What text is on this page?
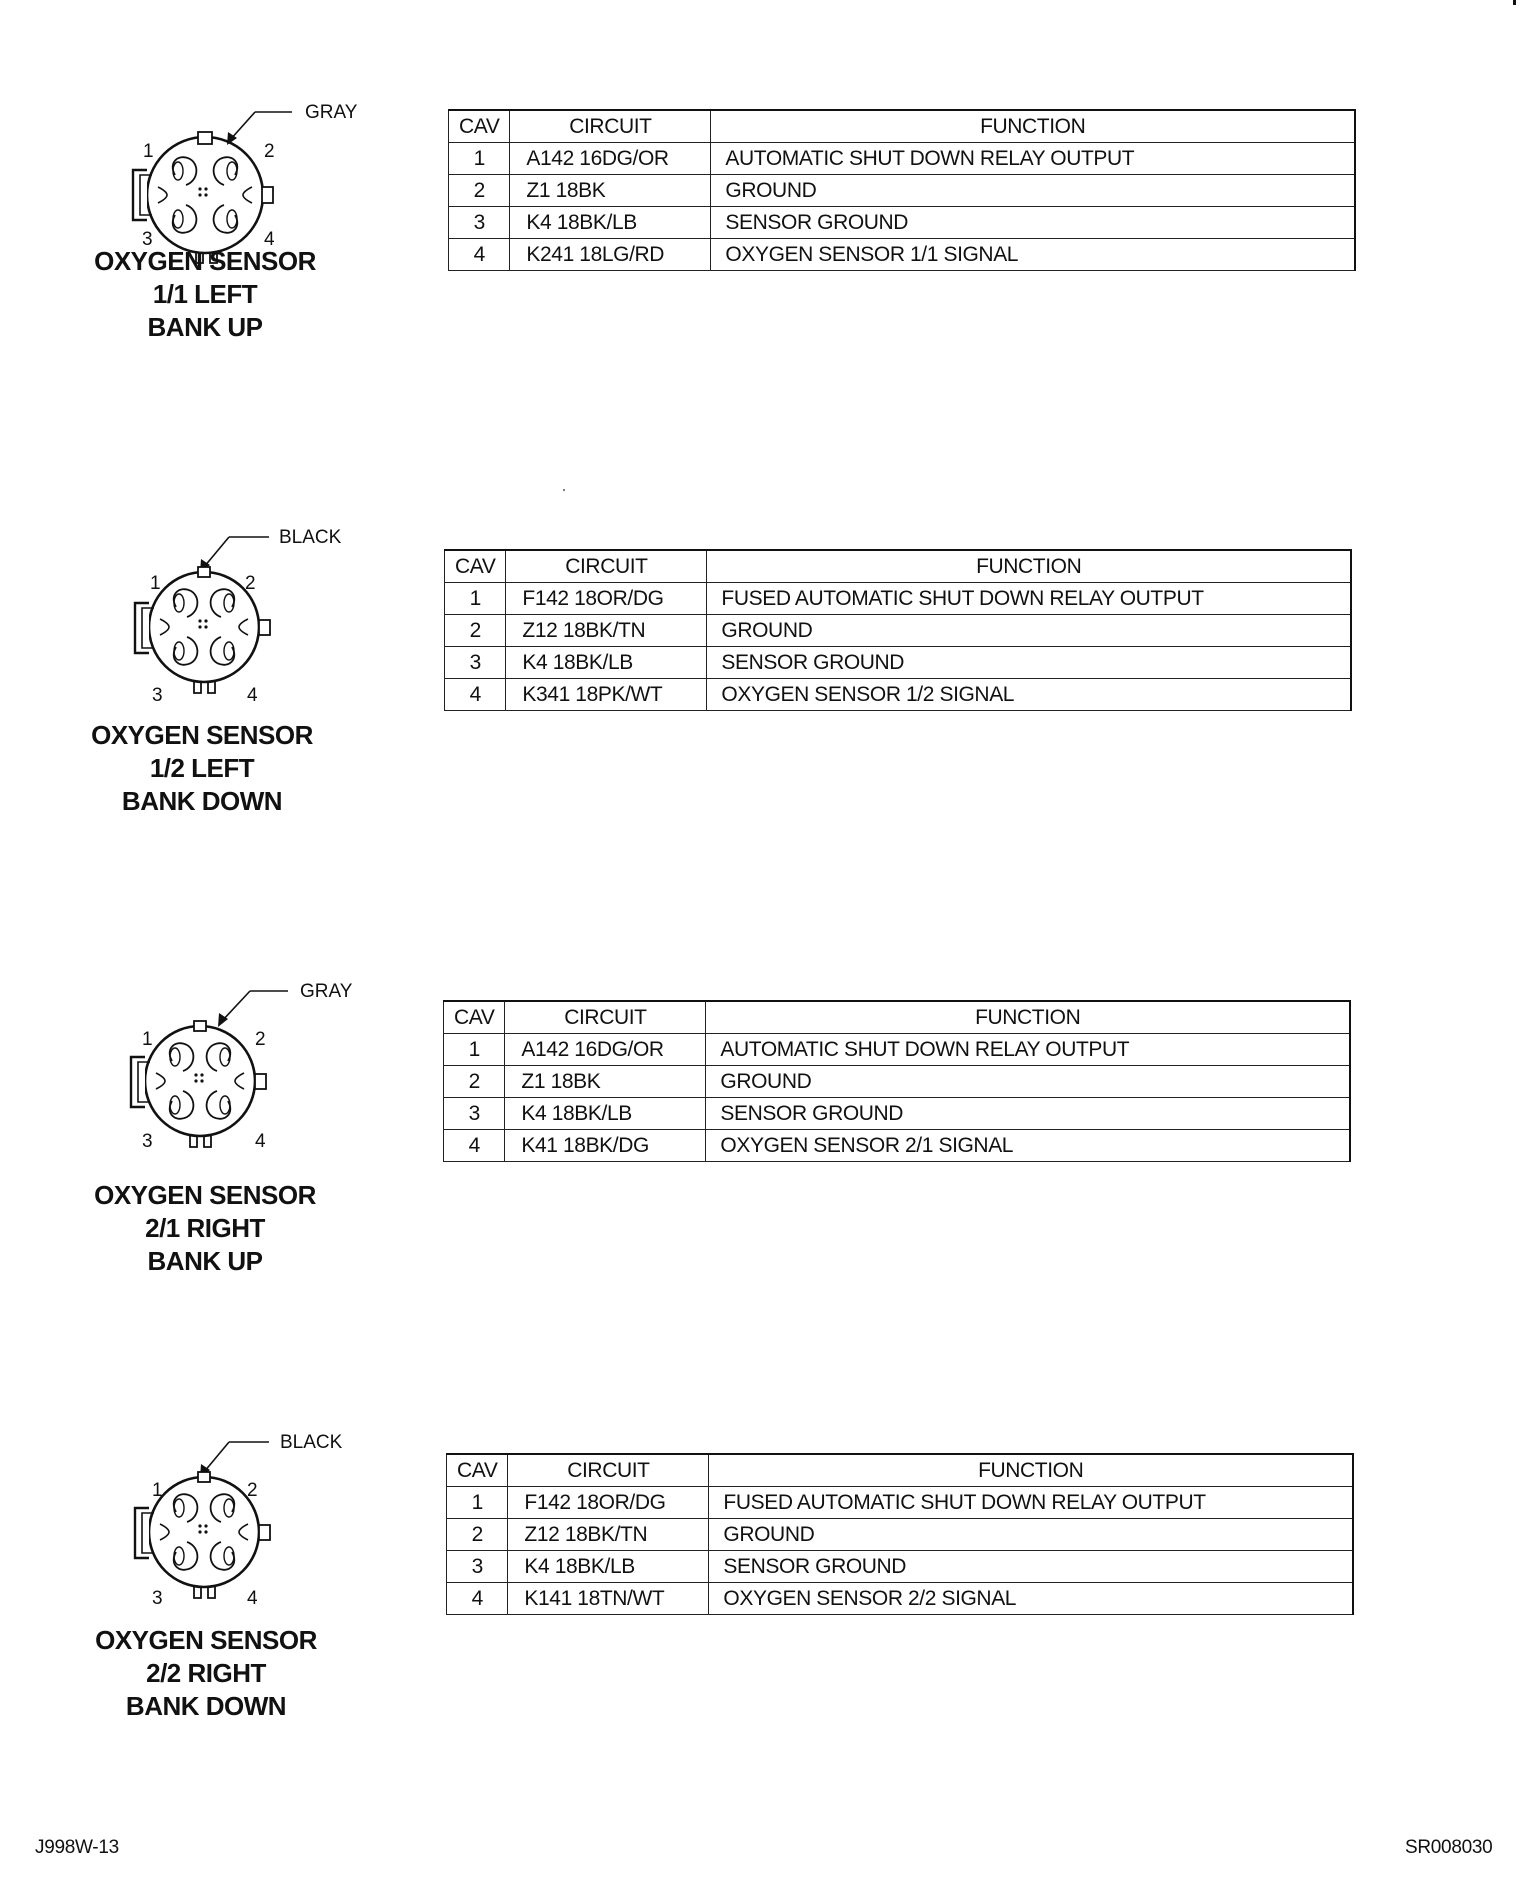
GRAY
1	2
3	4
OXYGEN SENSOR
1/1 LEFT
BANK UP
CAV	CIRCUIT	FUNCTION
1	A142 16DG/OR	AUTOMATIC SHUT DOWN RELAY OUTPUT
2	Z1 18BK	GROUND
3	K4 18BK/LB	SENSOR GROUND
4	K241 18LG/RD	OXYGEN SENSOR 1/1 SIGNAL
BLACK
1	2
3	4
OXYGEN SENSOR
1/2 LEFT
BANK DOWN
CAV	CIRCUIT	FUNCTION
1	F142 18OR/DG	FUSED AUTOMATIC SHUT DOWN RELAY OUTPUT
2	Z12 18BK/TN	GROUND
3	K4 18BK/LB	SENSOR GROUND
4	K341 18PK/WT	OXYGEN SENSOR 1/2 SIGNAL
GRAY
1	2
3	4
OXYGEN SENSOR
2/1 RIGHT
BANK UP
CAV	CIRCUIT	FUNCTION
1	A142 16DG/OR	AUTOMATIC SHUT DOWN RELAY OUTPUT
2	Z1 18BK	GROUND
3	K4 18BK/LB	SENSOR GROUND
4	K41 18BK/DG	OXYGEN SENSOR 2/1 SIGNAL
BLACK
1	2
3	4
OXYGEN SENSOR
2/2 RIGHT
BANK DOWN
CAV	CIRCUIT	FUNCTION
1	F142 18OR/DG	FUSED AUTOMATIC SHUT DOWN RELAY OUTPUT
2	Z12 18BK/TN	GROUND
3	K4 18BK/LB	SENSOR GROUND
4	K141 18TN/WT	OXYGEN SENSOR 2/2 SIGNAL
J998W-13	SR008030
